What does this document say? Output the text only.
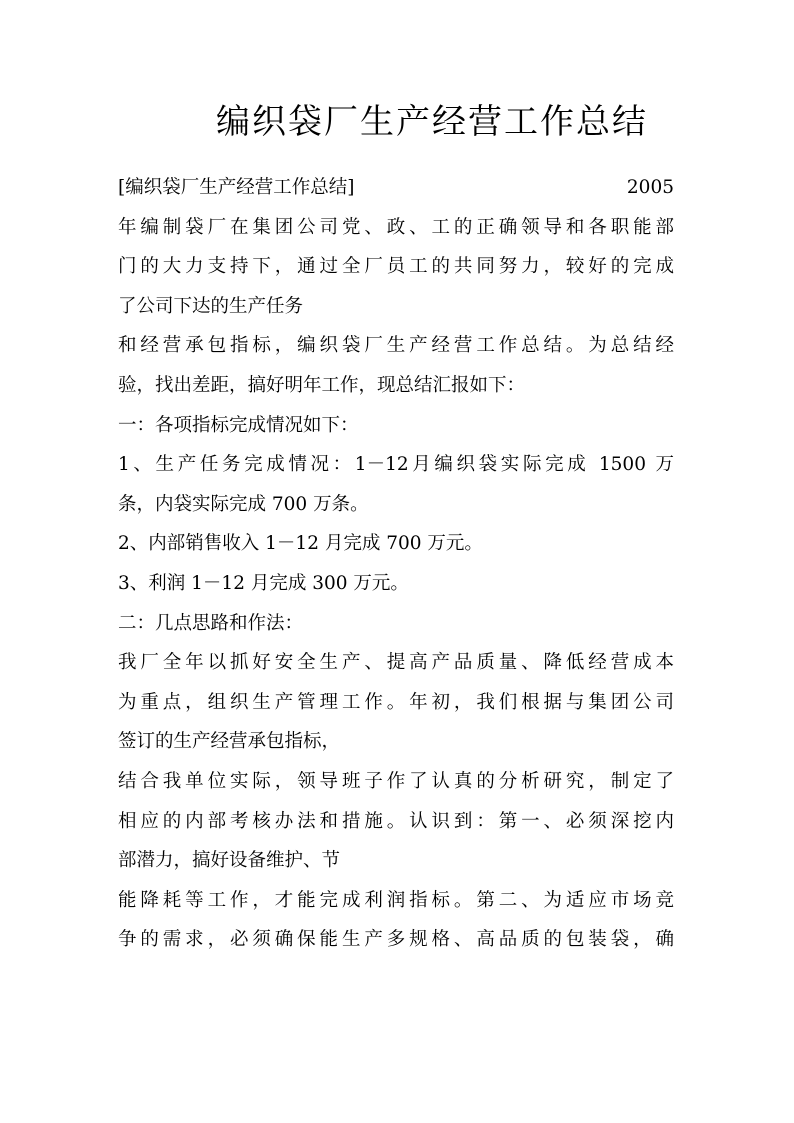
编织袋厂生产经营工作总结
[编织袋厂生产经营工作总结]	2005
年编制袋厂在集团公司党、政、工的正确领导和各职能部
门的大力支持下，通过全厂员工的共同努力，较好的完成
了公司下达的生产任务
和经营承包指标，编织袋厂生产经营工作总结。为总结经
验，找出差距，搞好明年工作，现总结汇报如下：
一：各项指标完成情况如下：
1、生产任务完成情况：1－12月编织袋实际完成 1500 万
条，内袋实际完成 700 万条。
2、内部销售收入 1－12 月完成 700 万元。
3、利润 1－12 月完成 300 万元。
二：几点思路和作法：
我厂全年以抓好安全生产、提高产品质量、降低经营成本
为重点，组织生产管理工作。年初，我们根据与集团公司
签订的生产经营承包指标，
结合我单位实际，领导班子作了认真的分析研究，制定了
相应的内部考核办法和措施。认识到：第一、必须深挖内
部潜力，搞好设备维护、节
能降耗等工作，才能完成利润指标。第二、为适应市场竞
争的需求，必须确保能生产多规格、高品质的包装袋，确
